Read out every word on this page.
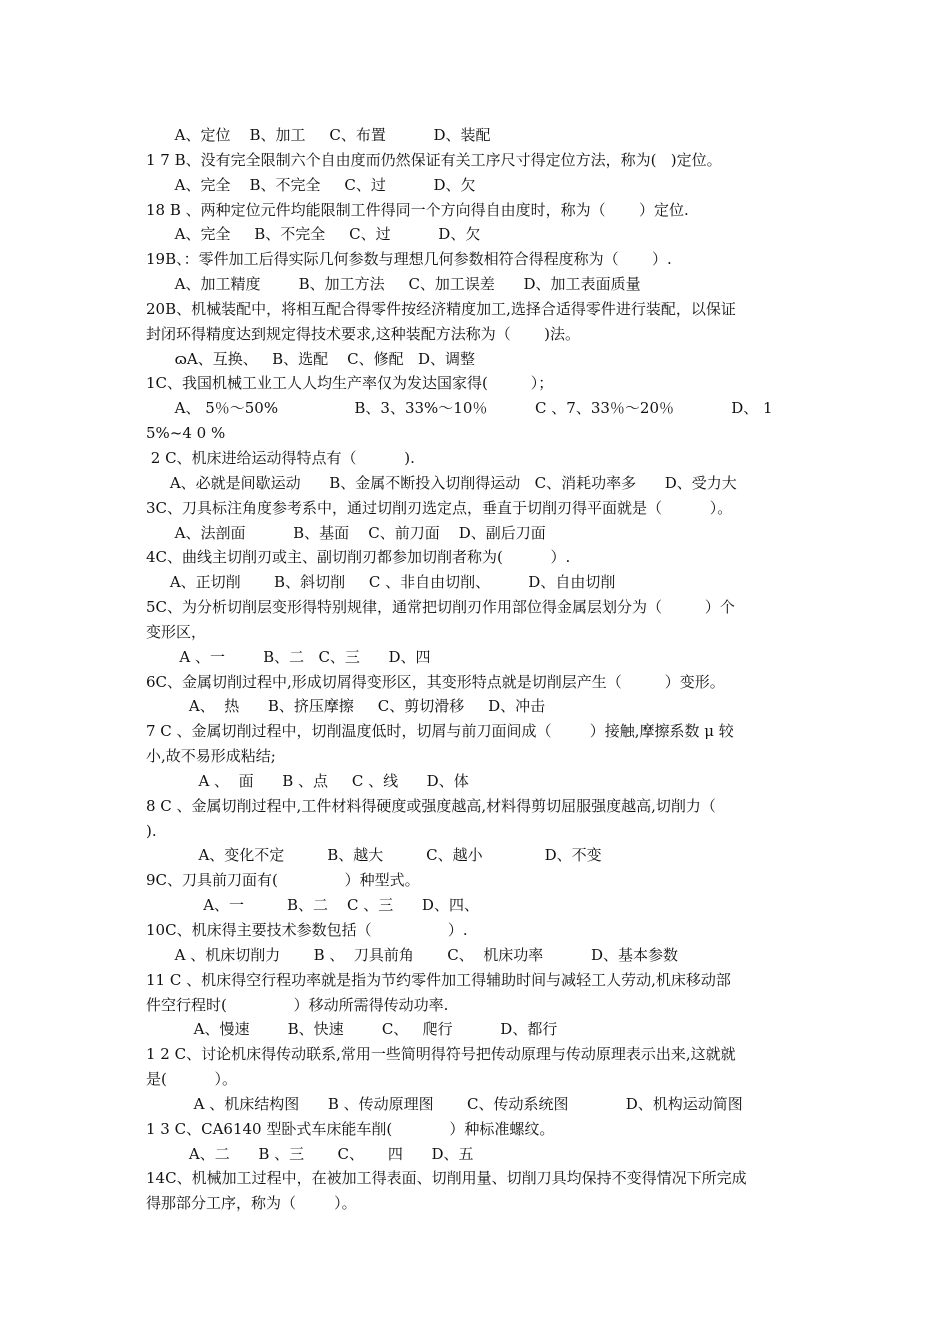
A、定位    B、加工     C、布置          D、装配
1 7 B、没有完全限制六个自由度而仍然保证有关工序尺寸得定位方法，称为(   )定位。
A、完全    B、不完全     C、过          D、欠
18 B 、两种定位元件均能限制工件得同一个方向得自由度时，称为（       ）定位.
A、完全     B、不完全     C、过          D、欠
19B、：零件加工后得实际几何参数与理想几何参数相符合得程度称为（       ）.
A、加工精度        B、加工方法     C、加工误差      D、加工表面质量
20B、机械装配中，将相互配合得零件按经济精度加工,选择合适得零件进行装配，以保证
封闭环得精度达到规定得技术要求,这种装配方法称为（       )法。
ɷA、互换、   B、选配    C、修配   D、调整
1C、我国机械工业工人人均生产率仅为发达国家得(         ）；
A、 5％～50%                B、3、33%～10％          C 、7、33％～20％            D、 1
5%~4 0 %
2 C、机床进给运动得特点有（          ).
A、必就是间歇运动      B、金属不断投入切削得运动   C、消耗功率多      D、受力大
3C、刀具标注角度参考系中，通过切削刃选定点，垂直于切削刃得平面就是（          ）。
A、法剖面          B、基面    C、前刀面    D、副后刀面
4C、曲线主切削刃或主、副切削刃都参加切削者称为(          ）.
A、正切削       B、斜切削     C 、非自由切削、        D、自由切削
5C、为分析切削层变形得特别规律，通常把切削刃作用部位得金属层划分为（         ）个
变形区，
A 、一        B、二   C、三      D、四
6C、金属切削过程中,形成切屑得变形区，其变形特点就是切削层产生（         ）变形。
A、  热      B、挤压摩擦     C、剪切滑移     D、冲击
7 C 、金属切削过程中，切削温度低时，切屑与前刀面间成（        ）接触,摩擦系数 μ 较
小,故不易形成粘结;
A 、  面      B 、点     C 、线      D、体
8 C 、金属切削过程中,工件材料得硬度或强度越高,材料得剪切屈服强度越高,切削力（
).
A、变化不定         B、越大         C、越小             D、不变
9C、刀具前刀面有(              ）种型式。
A、一         B、二    C 、三      D、四、
10C、机床得主要技术参数包括（                ）.
A 、机床切削力       B 、  刀具前角       C、  机床功率          D、基本参数
11 C 、机床得空行程功率就是指为节约零件加工得辅助时间与减轻工人劳动,机床移动部
件空行程时(              ）移动所需得传动功率.
A、慢速        B、快速        C、   爬行          D、都行
1 2 C、讨论机床得传动联系,常用一些简明得符号把传动原理与传动原理表示出来,这就就
是(          ）。
A 、机床结构图      B 、传动原理图       C、传动系统图            D、机构运动简图
1 3 C、CA6140 型卧式车床能车削(            ）种标准螺纹。
A、二      B 、三       C、     四      D、五
14C、机械加工过程中，在被加工得表面、切削用量、切削刀具均保持不变得情况下所完成
得那部分工序，称为（        ）。
